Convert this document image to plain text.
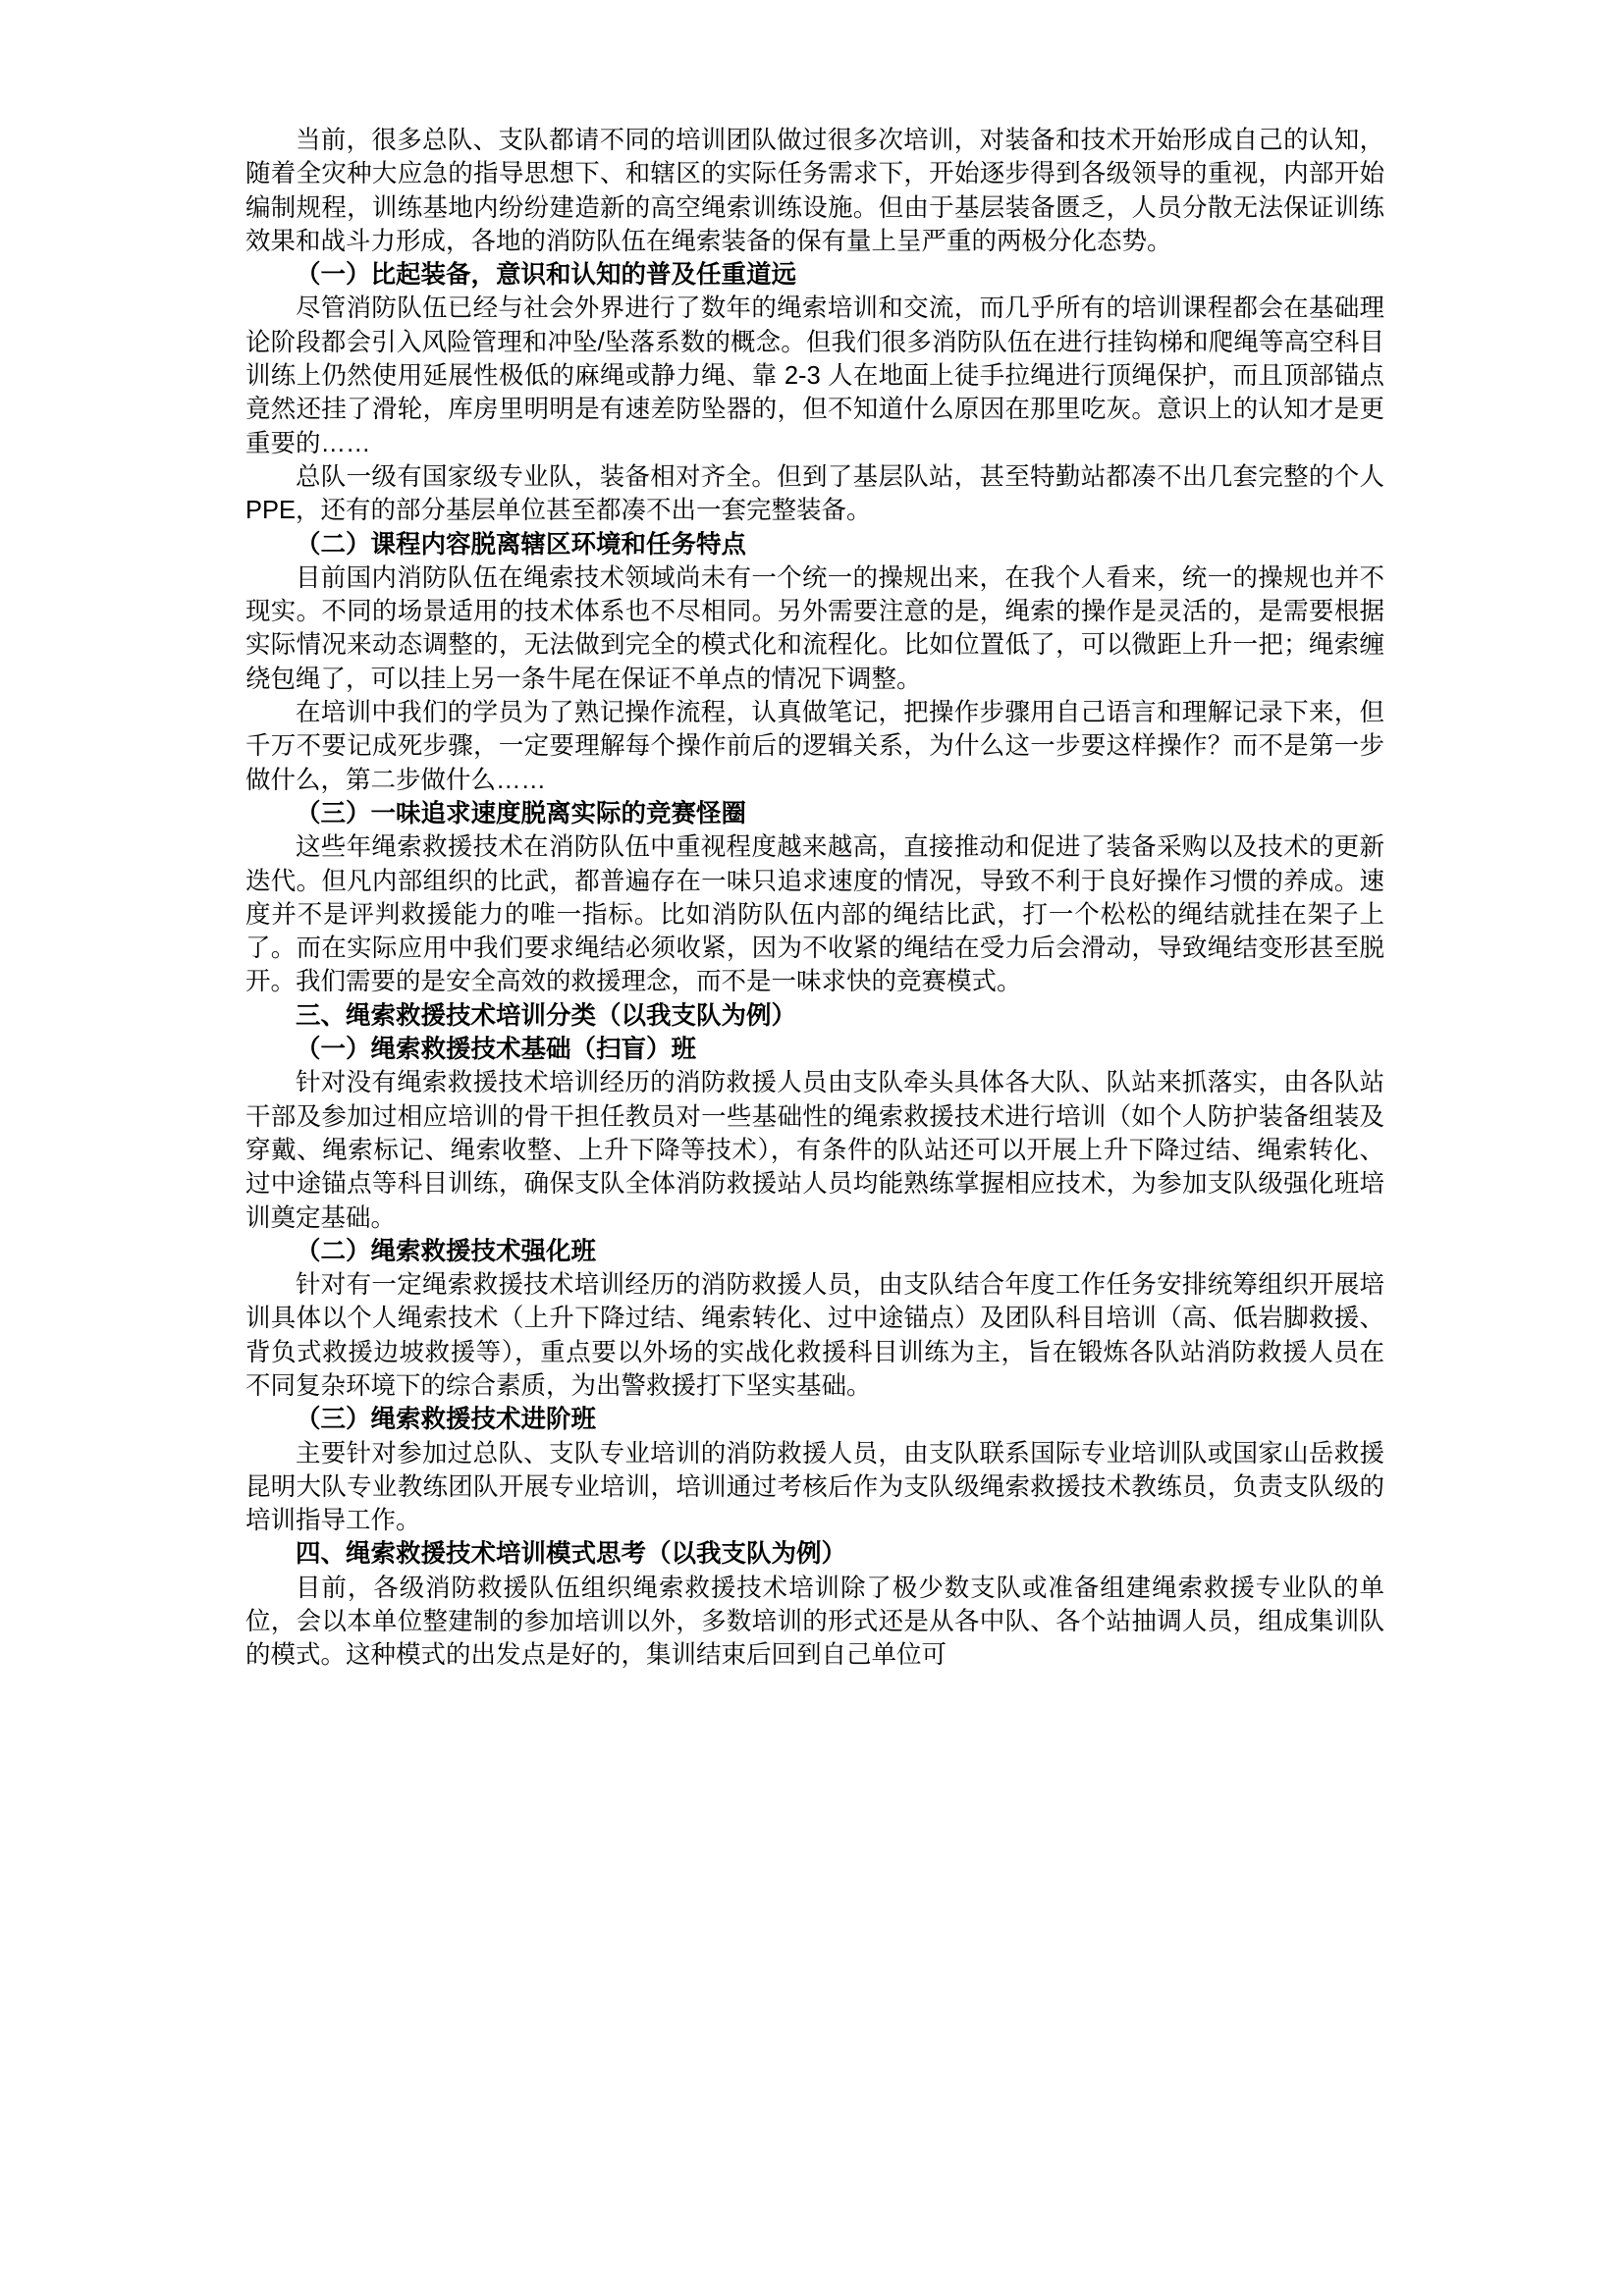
当前，很多总队、支队都请不同的培训团队做过很多次培训，对装备和技术开始形成自己的认知，随着全灾种大应急的指导思想下、和辖区的实际任务需求下，开始逐步得到各级领导的重视，内部开始编制规程，训练基地内纷纷建造新的高空绳索训练设施。但由于基层装备匮乏，人员分散无法保证训练效果和战斗力形成，各地的消防队伍在绳索装备的保有量上呈严重的两极分化态势。

（一）比起装备，意识和认知的普及任重道远

尽管消防队伍已经与社会外界进行了数年的绳索培训和交流，而几乎所有的培训课程都会在基础理论阶段都会引入风险管理和冲坠/坠落系数的概念。但我们很多消防队伍在进行挂钩梯和爬绳等高空科目训练上仍然使用延展性极低的麻绳或静力绳、靠 2-3 人在地面上徒手拉绳进行顶绳保护，而且顶部锚点竟然还挂了滑轮，库房里明明是有速差防坠器的，但不知道什么原因在那里吃灰。意识上的认知才是更重要的……

总队一级有国家级专业队，装备相对齐全。但到了基层队站，甚至特勤站都凑不出几套完整的个人 PPE，还有的部分基层单位甚至都凑不出一套完整装备。

（二）课程内容脱离辖区环境和任务特点

目前国内消防队伍在绳索技术领域尚未有一个统一的操规出来，在我个人看来，统一的操规也并不现实。不同的场景适用的技术体系也不尽相同。另外需要注意的是，绳索的操作是灵活的，是需要根据实际情况来动态调整的，无法做到完全的模式化和流程化。比如位置低了，可以微距上升一把；绳索缠绕包绳了，可以挂上另一条牛尾在保证不单点的情况下调整。

在培训中我们的学员为了熟记操作流程，认真做笔记，把操作步骤用自己语言和理解记录下来，但千万不要记成死步骤，一定要理解每个操作前后的逻辑关系，为什么这一步要这样操作？而不是第一步做什么，第二步做什么……

（三）一味追求速度脱离实际的竞赛怪圈

这些年绳索救援技术在消防队伍中重视程度越来越高，直接推动和促进了装备采购以及技术的更新迭代。但凡内部组织的比武，都普遍存在一味只追求速度的情况，导致不利于良好操作习惯的养成。速度并不是评判救援能力的唯一指标。比如消防队伍内部的绳结比武，打一个松松的绳结就挂在架子上了。而在实际应用中我们要求绳结必须收紧，因为不收紧的绳结在受力后会滑动，导致绳结变形甚至脱开。我们需要的是安全高效的救援理念，而不是一味求快的竞赛模式。

三、绳索救援技术培训分类（以我支队为例）

（一）绳索救援技术基础（扫盲）班

针对没有绳索救援技术培训经历的消防救援人员由支队牵头具体各大队、队站来抓落实，由各队站干部及参加过相应培训的骨干担任教员对一些基础性的绳索救援技术进行培训（如个人防护装备组装及穿戴、绳索标记、绳索收整、上升下降等技术），有条件的队站还可以开展上升下降过结、绳索转化、过中途锚点等科目训练，确保支队全体消防救援站人员均能熟练掌握相应技术，为参加支队级强化班培训奠定基础。

（二）绳索救援技术强化班

针对有一定绳索救援技术培训经历的消防救援人员，由支队结合年度工作任务安排统筹组织开展培训具体以个人绳索技术（上升下降过结、绳索转化、过中途锚点）及团队科目培训（高、低岩脚救援、背负式救援边坡救援等），重点要以外场的实战化救援科目训练为主，旨在锻炼各队站消防救援人员在不同复杂环境下的综合素质，为出警救援打下坚实基础。

（三）绳索救援技术进阶班

主要针对参加过总队、支队专业培训的消防救援人员，由支队联系国际专业培训队或国家山岳救援昆明大队专业教练团队开展专业培训，培训通过考核后作为支队级绳索救援技术教练员，负责支队级的培训指导工作。

四、绳索救援技术培训模式思考（以我支队为例）

目前，各级消防救援队伍组织绳索救援技术培训除了极少数支队或准备组建绳索救援专业队的单位，会以本单位整建制的参加培训以外，多数培训的形式还是从各中队、各个站抽调人员，组成集训队的模式。这种模式的出发点是好的，集训结束后回到自己单位可
